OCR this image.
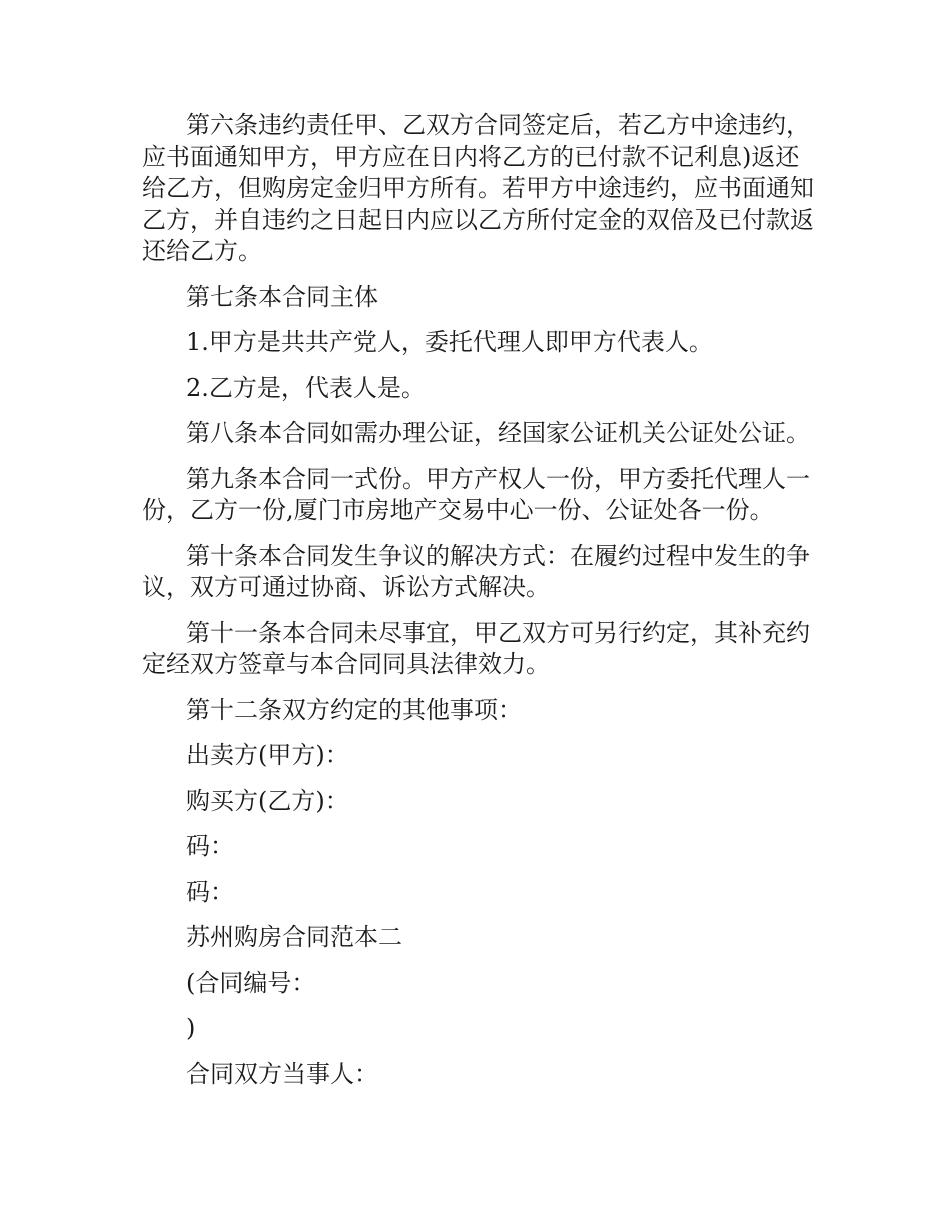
第六条违约责任甲、乙双方合同签定后，若乙方中途违约，应书面通知甲方，甲方应在日内将乙方的已付款不记利息)返还给乙方，但购房定金归甲方所有。若甲方中途违约，应书面通知乙方，并自违约之日起日内应以乙方所付定金的双倍及已付款返还给乙方。

第七条本合同主体

1.甲方是共共产党人，委托代理人即甲方代表人。

2.乙方是，代表人是。

第八条本合同如需办理公证，经国家公证机关公证处公证。

第九条本合同一式份。甲方产权人一份，甲方委托代理人一份，乙方一份,厦门市房地产交易中心一份、公证处各一份。

第十条本合同发生争议的解决方式：在履约过程中发生的争议，双方可通过协商、诉讼方式解决。

第十一条本合同未尽事宜，甲乙双方可另行约定，其补充约定经双方签章与本合同同具法律效力。

第十二条双方约定的其他事项：

出卖方(甲方)：

购买方(乙方)：

码：

码：

苏州购房合同范本二

(合同编号：

)

合同双方当事人：
